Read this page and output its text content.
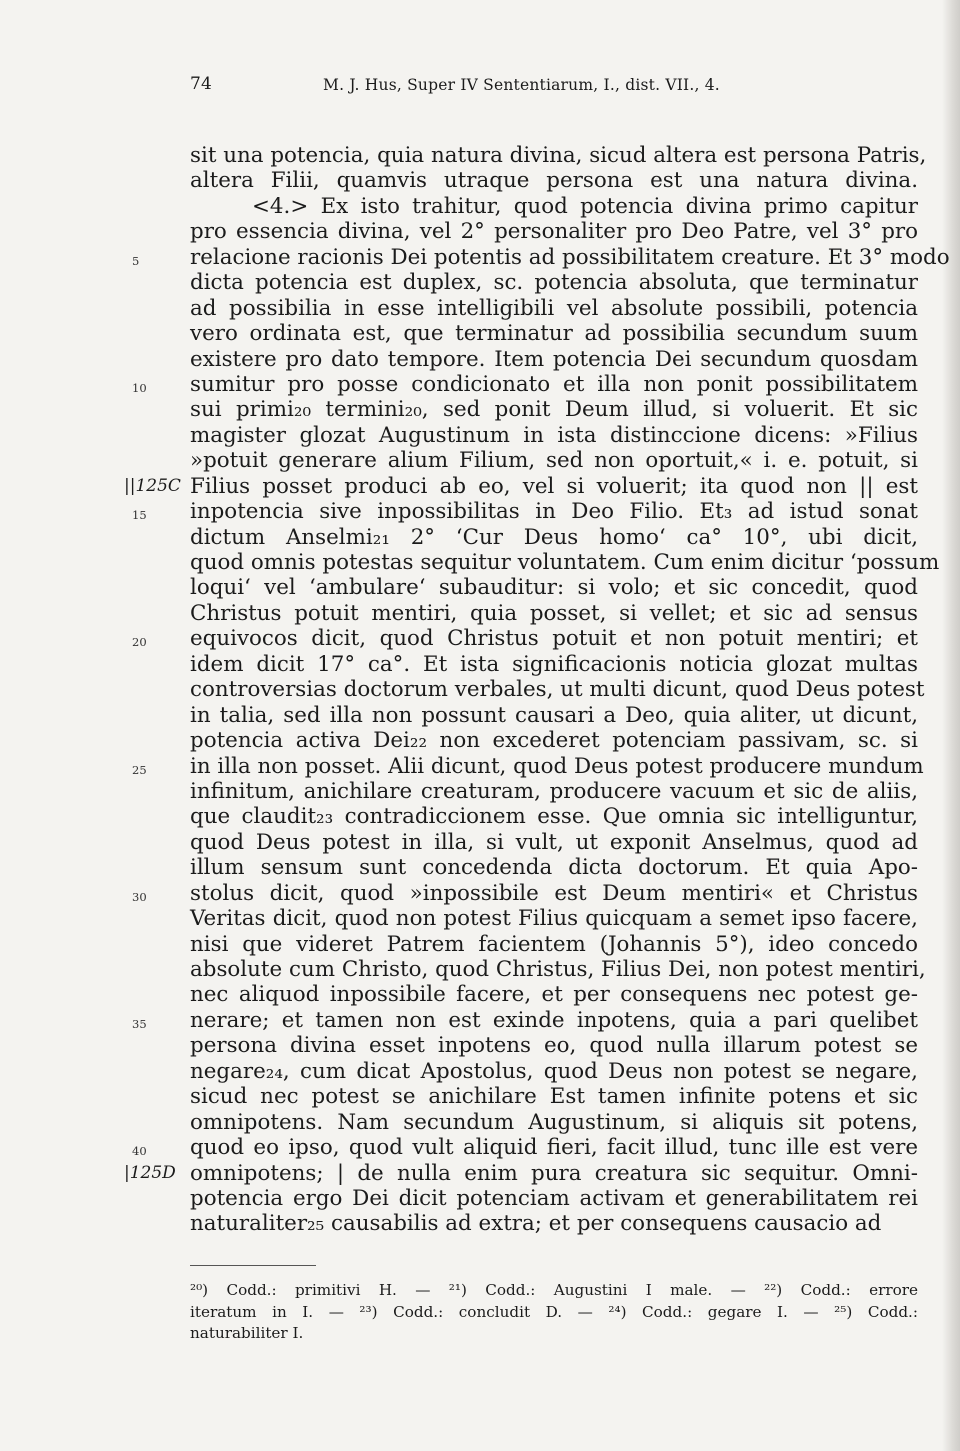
74	M. J. Hus, Super IV Sententiarum, I., dist. VII., 4.
sit una potencia, quia natura divina, sicud altera est persona Patris,
altera Filii, quamvis utraque persona est una natura divina.
<4.> Ex isto trahitur, quod potencia divina primo capitur
pro essencia divina, vel 2° personaliter pro Deo Patre, vel 3° pro
5	relacione racionis Dei potentis ad possibilitatem creature. Et 3° modo
dicta potencia est duplex, sc. potencia absoluta, que terminatur
ad possibilia in esse intelligibili vel absolute possibili, potencia
vero ordinata est, que terminatur ad possibilia secundum suum
existere pro dato tempore. Item potencia Dei secundum quosdam
10	sumitur pro posse condicionato et illa non ponit possibilitatem
sui primi₂₀ termini₂₀, sed ponit Deum illud, si voluerit. Et sic
magister glozat Augustinum in ista distinccione dicens: »Filius
»potuit generare alium Filium, sed non oportuit,« i. e. potuit, si
||125C Filius posset produci ab eo, vel si voluerit; ita quod non || est
15	inpotencia sive inpossibilitas in Deo Filio. Et₃ ad istud sonat
dictum Anselmi₂₁ 2° ‘Cur Deus homo‘ ca° 10°, ubi dicit,
quod omnis potestas sequitur voluntatem. Cum enim dicitur ‘possum
loqui‘ vel ‘ambulare‘ subauditur: si volo; et sic concedit, quod
Christus potuit mentiri, quia posset, si vellet; et sic ad sensus
20	equivocos dicit, quod Christus potuit et non potuit mentiri; et
idem dicit 17° ca°. Et ista significacionis noticia glozat multas
controversias doctorum verbales, ut multi dicunt, quod Deus potest
in talia, sed illa non possunt causari a Deo, quia aliter, ut dicunt,
potencia activa Dei₂₂ non excederet potenciam passivam, sc. si
25	in illa non posset. Alii dicunt, quod Deus potest producere mundum
infinitum, anichilare creaturam, producere vacuum et sic de aliis,
que claudit₂₃ contradiccionem esse. Que omnia sic intelliguntur,
quod Deus potest in illa, si vult, ut exponit Anselmus, quod ad
illum sensum sunt concedenda dicta doctorum. Et quia Apo-
30	stolus dicit, quod »inpossibile est Deum mentiri« et Christus
Veritas dicit, quod non potest Filius quicquam a semet ipso facere,
nisi que videret Patrem facientem (Johannis 5°), ideo concedo
absolute cum Christo, quod Christus, Filius Dei, non potest mentiri,
nec aliquod inpossibile facere, et per consequens nec potest ge-
35	nerare; et tamen non est exinde inpotens, quia a pari quelibet
persona divina esset inpotens eo, quod nulla illarum potest se
negare₂₄, cum dicat Apostolus, quod Deus non potest se negare,
sicud nec potest se anichilare Est tamen infinite potens et sic
omnipotens. Nam secundum Augustinum, si aliquis sit potens,
40	quod eo ipso, quod vult aliquid fieri, facit illud, tunc ille est vere
|125D omnipotens; | de nulla enim pura creatura sic sequitur. Omni-
potencia ergo Dei dicit potenciam activam et generabilitatem rei
naturaliter₂₅ causabilis ad extra; et per consequens causacio ad
²⁰) Codd.: primitivi H. — ²¹) Codd.: Augustini I male. — ²²) Codd.: errore
iteratum in I. — ²³) Codd.: concludit D. — ²⁴) Codd.: gegare I. — ²⁵) Codd.:
naturabiliter I.
